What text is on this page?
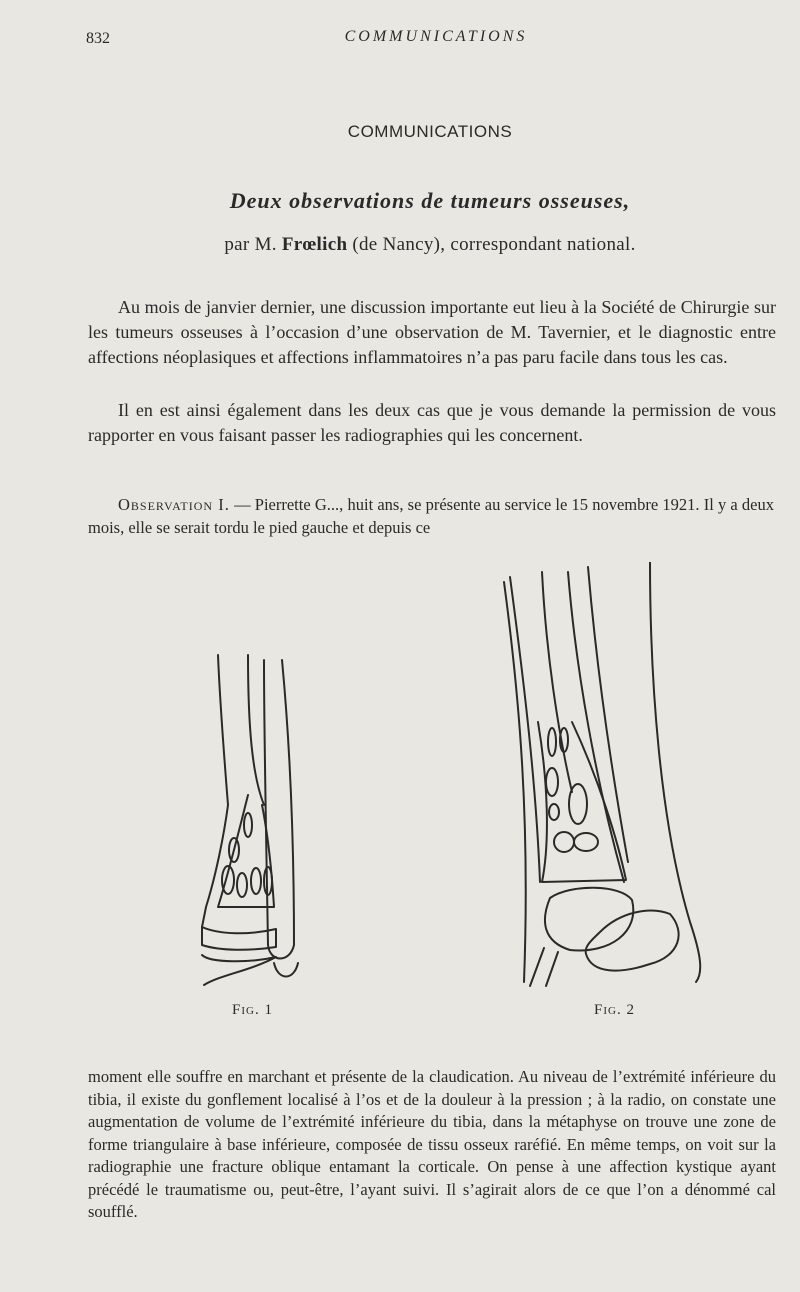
832	COMMUNICATIONS
COMMUNICATIONS
Deux observations de tumeurs osseuses,
par M. Frœlich (de Nancy), correspondant national.

Au mois de janvier dernier, une discussion importante eut lieu à la Société de Chirurgie sur les tumeurs osseuses à l’occasion d’une observation de M. Tavernier, et le diagnostic entre affections néoplasiques et affections inflammatoires n’a pas paru facile dans tous les cas.

Il en est ainsi également dans les deux cas que je vous demande la permission de vous rapporter en vous faisant passer les radiographies qui les concernent.

Observation I. — Pierrette G..., huit ans, se présente au service le 15 novembre 1921. Il y a deux mois, elle se serait tordu le pied gauche et depuis ce

Fig. 1	Fig. 2

moment elle souffre en marchant et présente de la claudication. Au niveau de l’extrémité inférieure du tibia, il existe du gonflement localisé à l’os et de la douleur à la pression ; à la radio, on constate une augmentation de volume de l’extrémité inférieure du tibia, dans la métaphyse on trouve une zone de forme triangulaire à base inférieure, composée de tissu osseux raréfié. En même temps, on voit sur la radiographie une fracture oblique entamant la corticale. On pense à une affection kystique ayant précédé le traumatisme ou, peut-être, l’ayant suivi. Il s’agirait alors de ce que l’on a dénommé cal soufflé.
